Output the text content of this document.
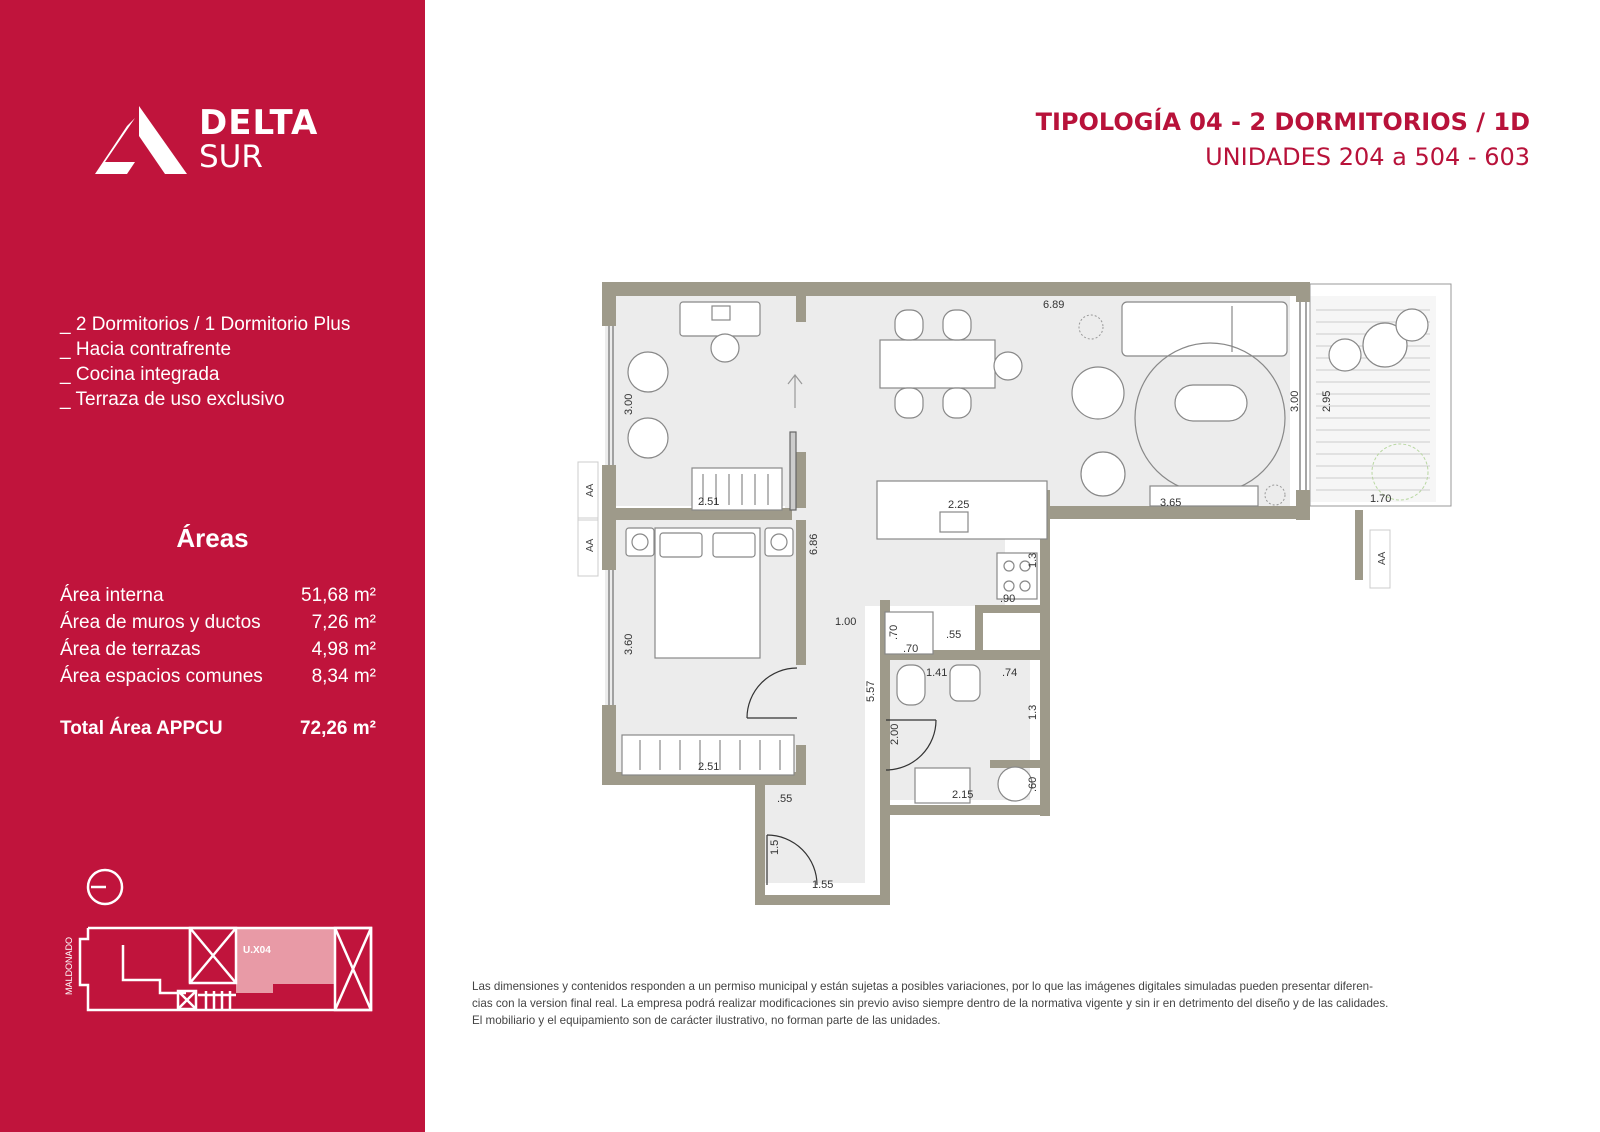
DELTA
SUR
_ 2 Dormitorios / 1 Dormitorio Plus
_ Hacia contrafrente
_ Cocina integrada
_ Terraza de uso exclusivo
Áreas
Área interna	51,68 m²
Área de muros y ductos	7,26 m²
Área de terrazas	4,98 m²
Área espacios comunes	8,34 m²
Total Área APPCU	72,26 m²
MALDONADO	U.X04
TIPOLOGÍA 04 - 2 DORMITORIOS / 1D
UNIDADES 204 a 504 - 603
AA
AA
AA
6.89
3.00
2.51
6.86
3.60
2.51
1.00
2.25	3.65
3.00 2.95
1.70
1.3
.90
.70
.70
.55
1.41	.74
1.3
5.57
2.00
2.15
.60
.55
1.5
1.55
Las dimensiones y contenidos responden a un permiso municipal y están sujetas a posibles variaciones, por lo que las imágenes digitales simuladas pueden presentar diferen-
cias con la version final real. La empresa podrá realizar modificaciones sin previo aviso siempre dentro de la normativa vigente y sin ir en detrimento del diseño y de las calidades.
El mobiliario y el equipamiento son de carácter ilustrativo, no forman parte de las unidades.
